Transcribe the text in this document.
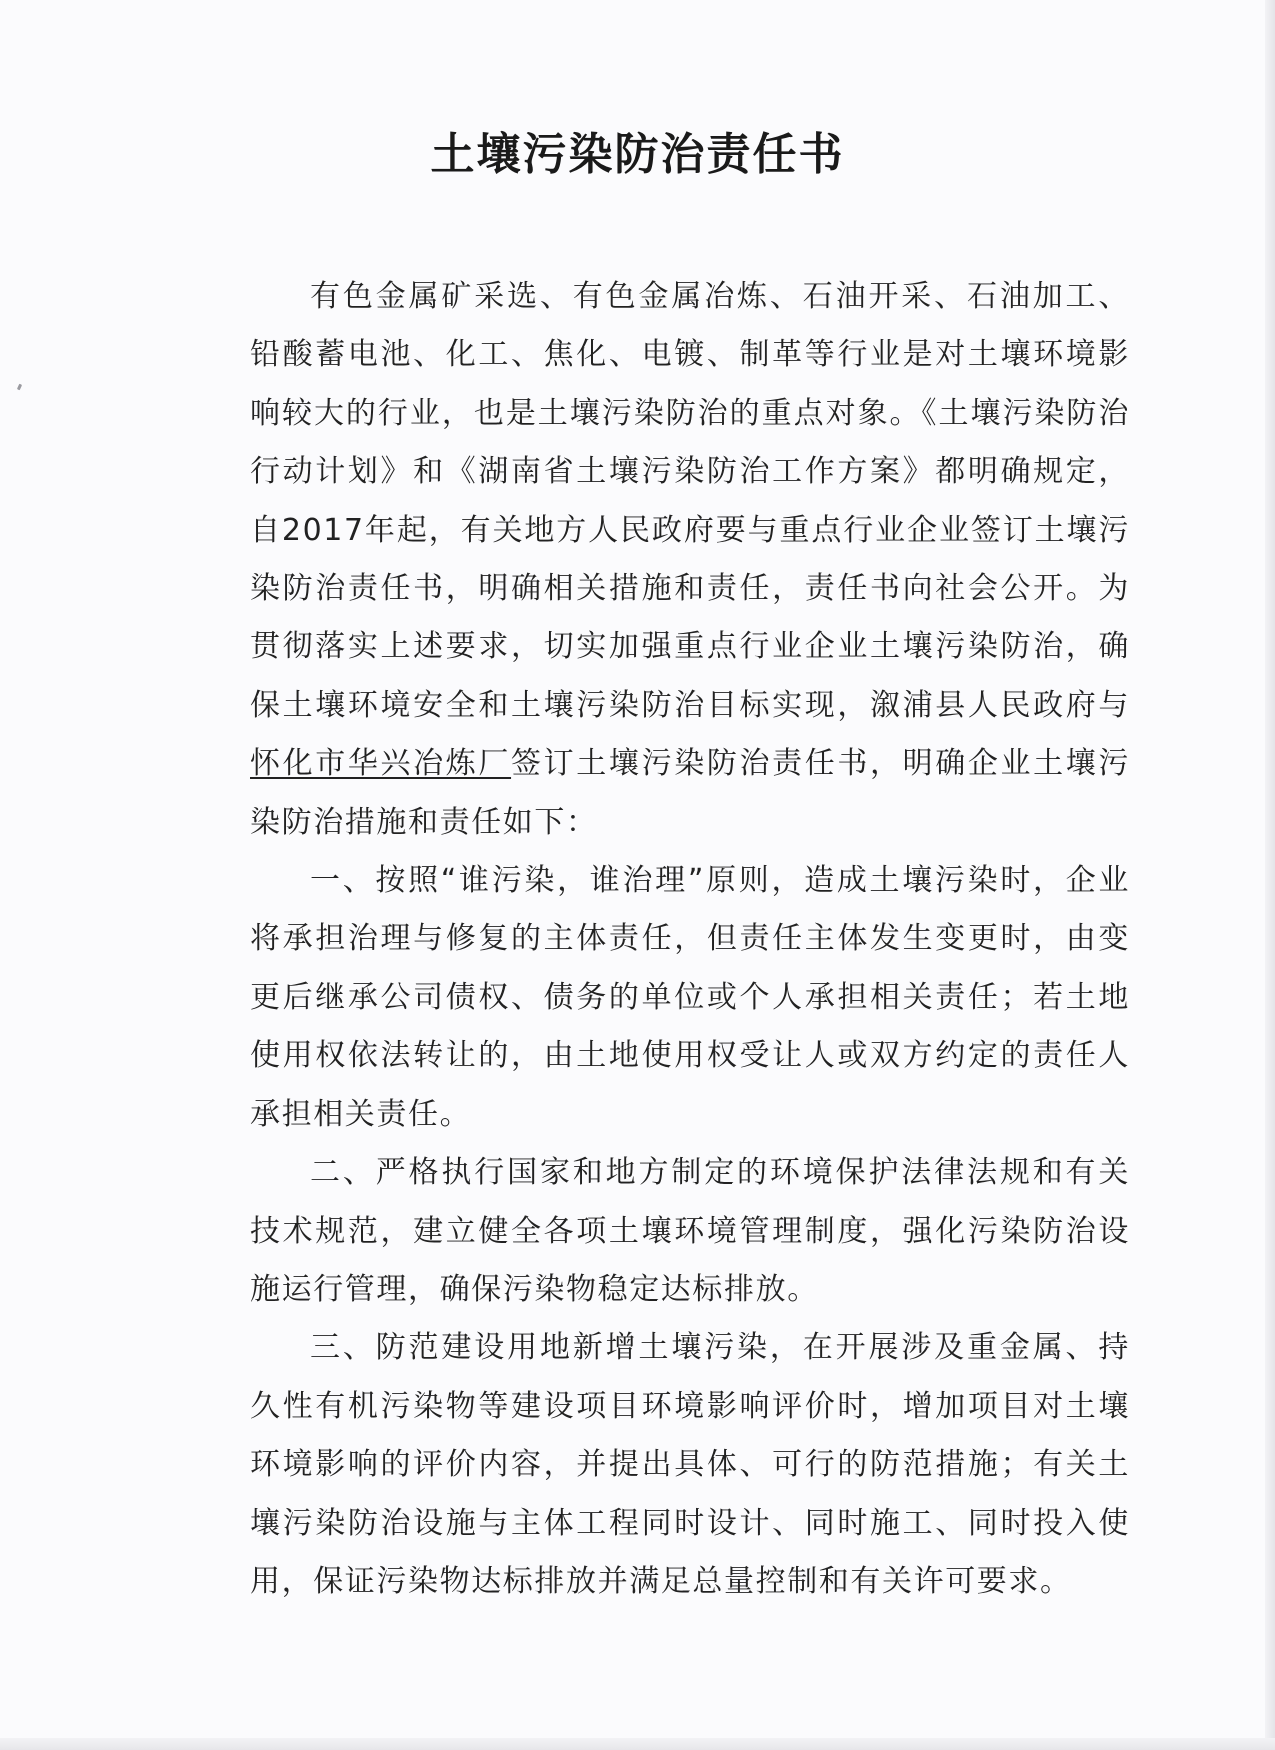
土壤污染防治责任书

有色金属矿采选、有色金属冶炼、石油开采、石油加工、铅酸蓄电池、化工、焦化、电镀、制革等行业是对土壤环境影响较大的行业，也是土壤污染防治的重点对象。《土壤污染防治行动计划》和《湖南省土壤污染防治工作方案》都明确规定，自2017年起，有关地方人民政府要与重点行业企业签订土壤污染防治责任书，明确相关措施和责任，责任书向社会公开。为贯彻落实上述要求，切实加强重点行业企业土壤污染防治，确保土壤环境安全和土壤污染防治目标实现，溆浦县人民政府与怀化市华兴冶炼厂签订土壤污染防治责任书，明确企业土壤污染防治措施和责任如下：

一、按照“谁污染，谁治理”原则，造成土壤污染时，企业将承担治理与修复的主体责任，但责任主体发生变更时，由变更后继承公司债权、债务的单位或个人承担相关责任；若土地使用权依法转让的，由土地使用权受让人或双方约定的责任人承担相关责任。

二、严格执行国家和地方制定的环境保护法律法规和有关技术规范，建立健全各项土壤环境管理制度，强化污染防治设施运行管理，确保污染物稳定达标排放。

三、防范建设用地新增土壤污染，在开展涉及重金属、持久性有机污染物等建设项目环境影响评价时，增加项目对土壤环境影响的评价内容，并提出具体、可行的防范措施；有关土壤污染防治设施与主体工程同时设计、同时施工、同时投入使用，保证污染物达标排放并满足总量控制和有关许可要求。
